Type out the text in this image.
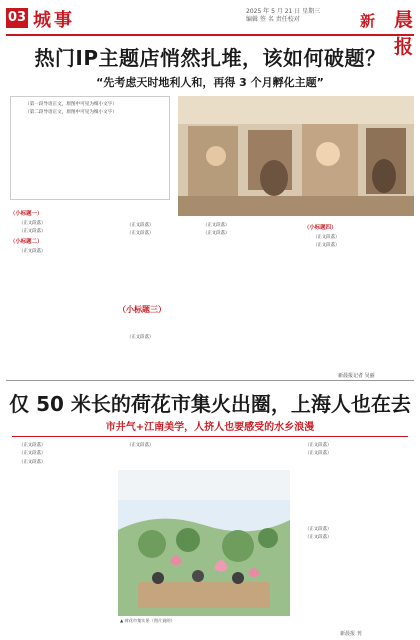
03 城事	2025 年 5 月 21 日 星期三
编辑 签 名 责任校对	新 晨报
热门IP主题店悄然扎堆，该如何破题？
“先考虑天时地利人和，再得 3 个月孵化主题”

（第一段导语正文，原图中可见为细小文字）

（第二段导语正文，原图中可见为细小文字）

（小标题一）

（正文段落）

（正文段落）

（小标题二）

（正文段落）

（正文段落）

（正文段落）

（小标题三）

（正文段落）

（正文段落）

（正文段落）

（小标题四）

（正文段落）

（正文段落）

新晨报记者 吴丽
仅 50 米长的荷花市集火出圈，上海人也在去
市井气+江南美学，人挤人也要感受的水乡浪漫

（正文段落）

（正文段落）

（正文段落）

（正文段落）

▲ 荷花市集实景（图片说明）

（正文段落）

（正文段落）

（正文段落）

（正文段落）

新晨报 刊
